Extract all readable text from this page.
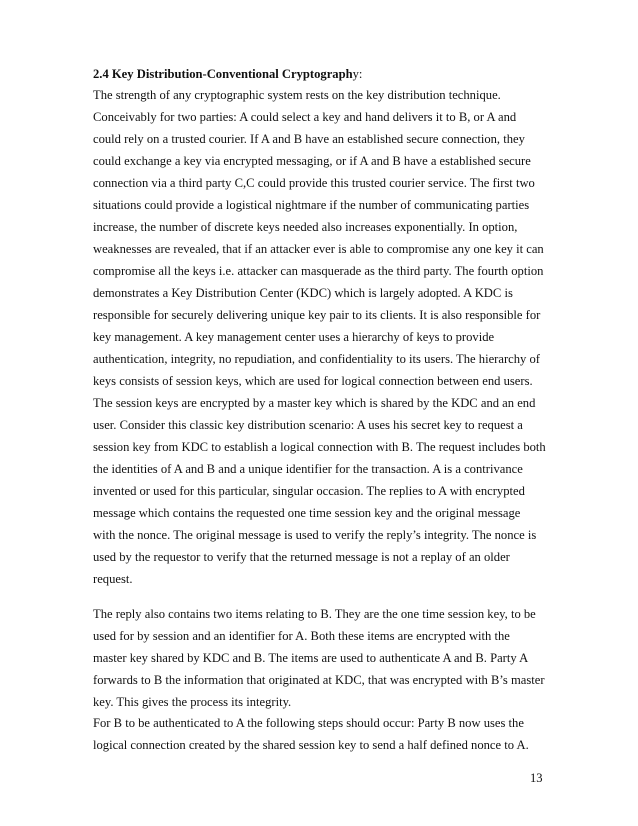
2.4 Key Distribution-Conventional Cryptography:
The strength of any cryptographic system rests on the key distribution technique.
Conceivably for two parties: A could select a key and hand delivers it to B, or A and
could rely on a trusted courier. If A and B have an established secure connection, they
could exchange a key via encrypted messaging, or if A and B have a established secure
connection via a third party C,C could provide this trusted courier service. The first two
situations could provide a logistical nightmare if the number of communicating parties
increase, the number of discrete keys needed also increases exponentially. In option,
weaknesses are revealed, that if an attacker ever is able to compromise any one key it can
compromise all the keys i.e. attacker can masquerade as the third party. The fourth option
demonstrates a Key Distribution Center (KDC) which is largely adopted. A KDC is
responsible for securely delivering unique key pair to its clients. It is also responsible for
key management. A key management center uses a hierarchy of keys to provide
authentication, integrity, no repudiation, and confidentiality to its users. The hierarchy of
keys consists of session keys, which are used for logical connection between end users.
The session keys are encrypted by a master key which is shared by the KDC and an end
user. Consider this classic key distribution scenario: A uses his secret key to request a
session key from KDC to establish a logical connection with B. The request includes both
the identities of A and B and a unique identifier for the transaction. A is a contrivance
invented or used for this particular, singular occasion. The replies to A with encrypted
message which contains the requested one time session key and the original message
with the nonce. The original message is used to verify the reply’s integrity. The nonce is
used by the requestor to verify that the returned message is not a replay of an older
request.
The reply also contains two items relating to B. They are the one time session key, to be
used for by session and an identifier for A. Both these items are encrypted with the
master key shared by KDC and B. The items are used to authenticate A and B. Party A
forwards to B the information that originated at KDC, that was encrypted with B’s master
key. This gives the process its integrity.
For B to be authenticated to A the following steps should occur: Party B now uses the
logical connection created by the shared session key to send a half defined nonce to A.
13
